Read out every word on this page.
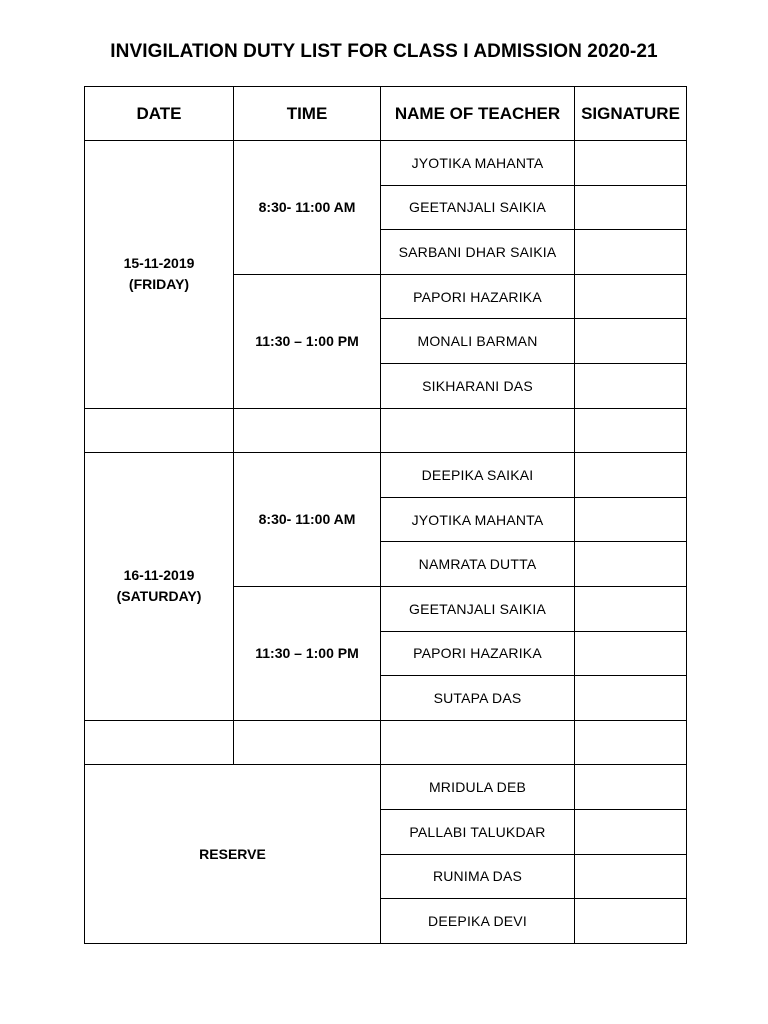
INVIGILATION DUTY LIST FOR CLASS I ADMISSION 2020-21
DATE	TIME	NAME OF TEACHER	SIGNATURE

15-11-2019
(FRIDAY)	8:30- 11:00 AM	JYOTIKA MAHANTA	
		GEETANJALI SAIKIA	
		SARBANI DHAR SAIKIA	
	11:30 – 1:00 PM	PAPORI HAZARIKA	
		MONALI BARMAN	
		SIKHARANI DAS	

16-11-2019
(SATURDAY)	8:30- 11:00 AM	DEEPIKA SAIKAI	
		JYOTIKA MAHANTA	
		NAMRATA DUTTA	
	11:30 – 1:00 PM	GEETANJALI SAIKIA	
		PAPORI HAZARIKA	
		SUTAPA DAS	

RESERVE		MRIDULA DEB	
		PALLABI TALUKDAR	
		RUNIMA DAS	
		DEEPIKA DEVI	
